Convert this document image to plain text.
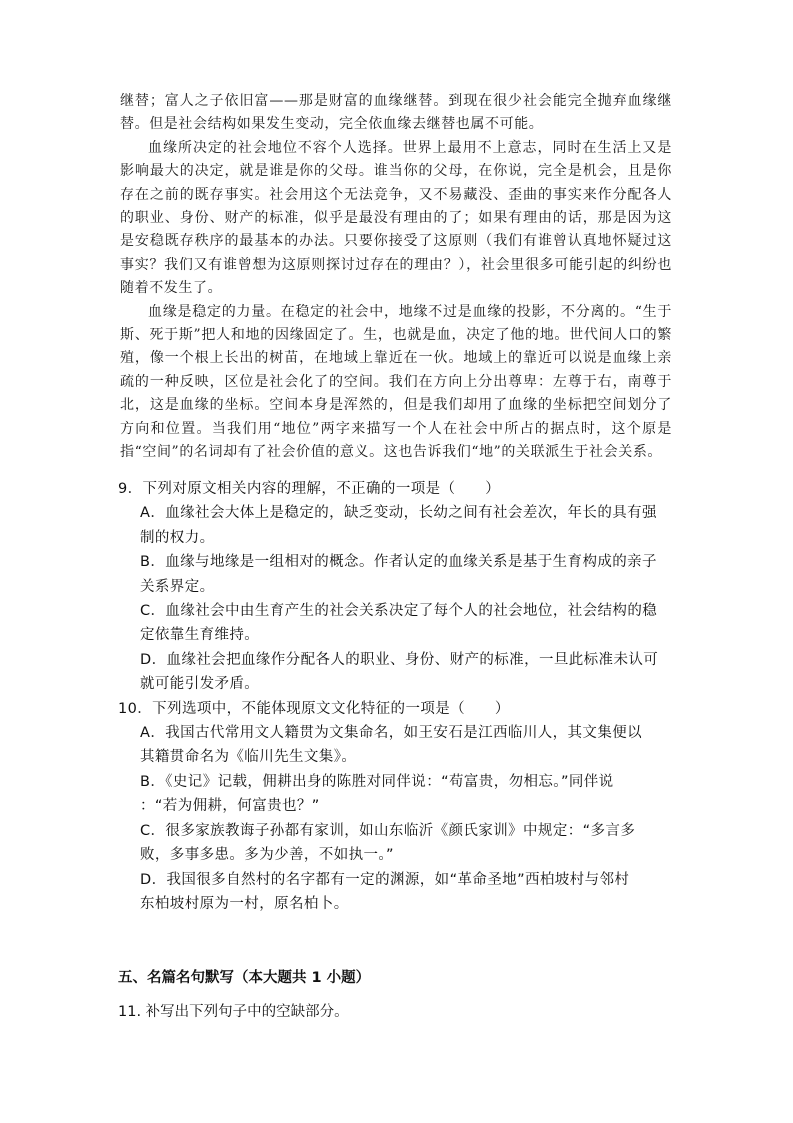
继替；富人之子依旧富——那是财富的血缘继替。到现在很少社会能完全抛弃血缘继替。但是社会结构如果发生变动，完全依血缘去继替也属不可能。

血缘所决定的社会地位不容个人选择。世界上最用不上意志，同时在生活上又是影响最大的决定，就是谁是你的父母。谁当你的父母，在你说，完全是机会，且是你存在之前的既存事实。社会用这个无法竞争，又不易藏没、歪曲的事实来作分配各人的职业、身份、财产的标准，似乎是最没有理由的了；如果有理由的话，那是因为这是安稳既存秩序的最基本的办法。只要你接受了这原则（我们有谁曾认真地怀疑过这事实？我们又有谁曾想为这原则探讨过存在的理由？），社会里很多可能引起的纠纷也随着不发生了。

血缘是稳定的力量。在稳定的社会中，地缘不过是血缘的投影，不分离的。“生于斯、死于斯”把人和地的因缘固定了。生，也就是血，决定了他的地。世代间人口的繁殖，像一个根上长出的树苗，在地域上靠近在一伙。地域上的靠近可以说是血缘上亲疏的一种反映，区位是社会化了的空间。我们在方向上分出尊卑：左尊于右，南尊于北，这是血缘的坐标。空间本身是浑然的，但是我们却用了血缘的坐标把空间划分了方向和位置。当我们用“地位”两字来描写一个人在社会中所占的据点时，这个原是指“空间”的名词却有了社会价值的意义。这也告诉我们“地”的关联派生于社会关系。

9．下列对原文相关内容的理解，不正确的一项是（　　）

A．血缘社会大体上是稳定的，缺乏变动，长幼之间有社会差次，年长的具有强
制的权力。

B．血缘与地缘是一组相对的概念。作者认定的血缘关系是基于生育构成的亲子
关系界定。

C．血缘社会中由生育产生的社会关系决定了每个人的社会地位，社会结构的稳
定依靠生育维持。

D．血缘社会把血缘作分配各人的职业、身份、财产的标准，一旦此标准未认可
就可能引发矛盾。

10．下列选项中，不能体现原文文化特征的一项是（　　）

A．我国古代常用文人籍贯为文集命名，如王安石是江西临川人，其文集便以
其籍贯命名为《临川先生文集》。

B．《史记》记载，佣耕出身的陈胜对同伴说：“苟富贵，勿相忘。”同伴说
：“若为佣耕，何富贵也？”

C．很多家族教诲子孙都有家训，如山东临沂《颜氏家训》中规定：“多言多
败，多事多患。多为少善，不如执一。”

D．我国很多自然村的名字都有一定的渊源，如“革命圣地”西柏坡村与邻村
东柏坡村原为一村，原名柏卜。

五、名篇名句默写（本大题共 1 小题）
11. 补写出下列句子中的空缺部分。
